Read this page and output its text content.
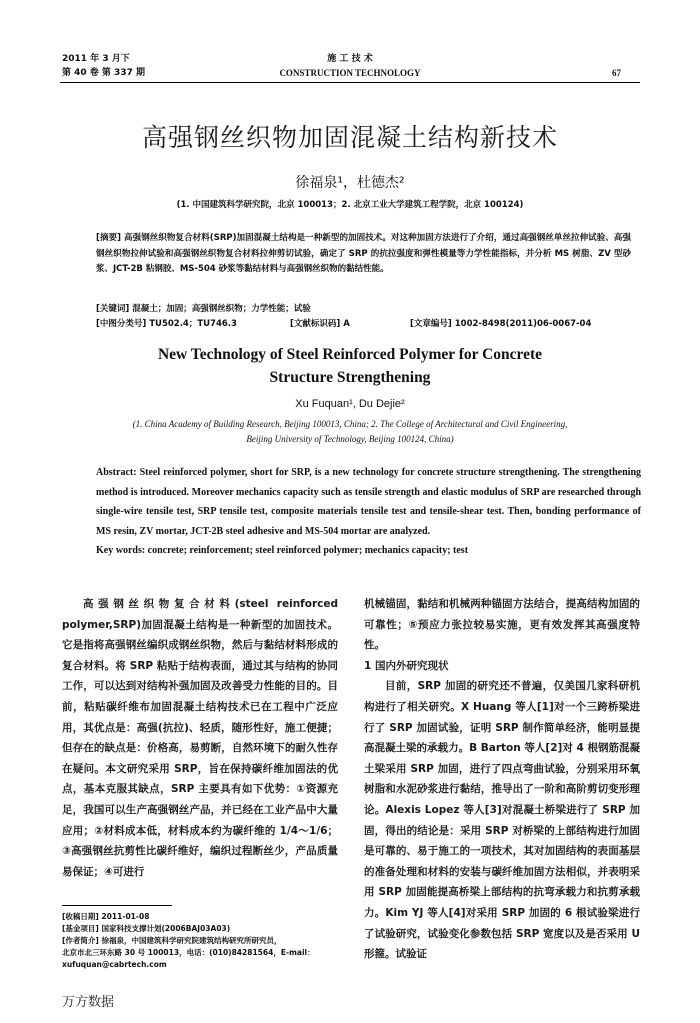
2011 年 3 月下
第 40 卷 第 337 期
施 工 技 术
CONSTRUCTION TECHNOLOGY	67
高强钢丝织物加固混凝土结构新技术
徐福泉¹，杜德杰²
(1. 中国建筑科学研究院，北京 100013；2. 北京工业大学建筑工程学院，北京 100124)
[摘要] 高强钢丝织物复合材料(SRP)加固混凝土结构是一种新型的加固技术。对这种加固方法进行了介绍，通过高强钢丝单丝拉伸试验、高强钢丝织物拉伸试验和高强钢丝织物复合材料拉伸剪切试验，确定了 SRP 的抗拉强度和弹性模量等力学性能指标，并分析 MS 树脂、ZV 型砂浆、JCT-2B 粘钢胶、MS-504 砂浆等黏结材料与高强钢丝织物的黏结性能。
[关键词] 混凝土；加固；高强钢丝织物；力学性能；试验
[中图分类号] TU502.4；TU746.3	[文献标识码] A	[文章编号] 1002-8498(2011)06-0067-04
New Technology of Steel Reinforced Polymer for Concrete
Structure Strengthening
Xu Fuquan¹, Du Dejie²
(1. China Academy of Building Research, Beijing 100013, China; 2. The College of Architectural and Civil Engineering,
Beijing University of Technology, Beijing 100124, China)
Abstract: Steel reinforced polymer, short for SRP, is a new technology for concrete structure strengthening. The strengthening method is introduced. Moreover mechanics capacity such as tensile strength and elastic modulus of SRP are researched through single-wire tensile test, SRP tensile test, composite materials tensile test and tensile-shear test. Then, bonding performance of MS resin, ZV mortar, JCT-2B steel adhesive and MS-504 mortar are analyzed.
Key words: concrete; reinforcement; steel reinforced polymer; mechanics capacity; test

高强钢丝织物复合材料(steel reinforced polymer,SRP)加固混凝土结构是一种新型的加固技术。它是指将高强钢丝编织成钢丝织物，然后与黏结材料形成的复合材料。将 SRP 粘贴于结构表面，通过其与结构的协同工作，可以达到对结构补强加固及改善受力性能的目的。目前，粘贴碳纤维布加固混凝土结构技术已在工程中广泛应用，其优点是：高强(抗拉)、轻质，随形性好，施工便捷；但存在的缺点是：价格高，易剪断，自然环境下的耐久性存在疑问。本文研究采用 SRP，旨在保持碳纤维加固法的优点，基本克服其缺点，SRP 主要具有如下优势：①资源充足，我国可以生产高强钢丝产品，并已经在工业产品中大量应用；②材料成本低，材料成本约为碳纤维的 1/4～1/6；③高强钢丝抗剪性比碳纤维好，编织过程断丝少，产品质量易保证；④可进行

[收稿日期] 2011-01-08
[基金项目] 国家科技支撑计划(2006BAJ03A03)
[作者简介] 徐福泉，中国建筑科学研究院建筑结构研究所研究员，
北京市北三环东路 30 号 100013，电话：(010)84281564，E-mail：
xufuquan@cabrtech.com

机械锚固，黏结和机械两种锚固方法结合，提高结构加固的可靠性；⑤预应力张拉较易实施，更有效发挥其高强度特性。

1 国内外研究现状

目前，SRP 加固的研究还不普遍，仅美国几家科研机构进行了相关研究。X Huang 等人[1]对一个三跨桥梁进行了 SRP 加固试验，证明 SRP 制作简单经济，能明显提高混凝土梁的承载力。B Barton 等人[2]对 4 根钢筋混凝土梁采用 SRP 加固，进行了四点弯曲试验，分别采用环氧树脂和水泥砂浆进行黏结，推导出了一阶和高阶剪切变形理论。Alexis Lopez 等人[3]对混凝土桥梁进行了 SRP 加固，得出的结论是：采用 SRP 对桥梁的上部结构进行加固是可靠的、易于施工的一项技术，其对加固结构的表面基层的准备处理和材料的安装与碳纤维加固方法相似，并表明采用 SRP 加固能提高桥梁上部结构的抗弯承载力和抗剪承载力。Kim YJ 等人[4]对采用 SRP 加固的 6 根试验梁进行了试验研究，试验变化参数包括 SRP 宽度以及是否采用 U 形箍。试验证

万方数据
